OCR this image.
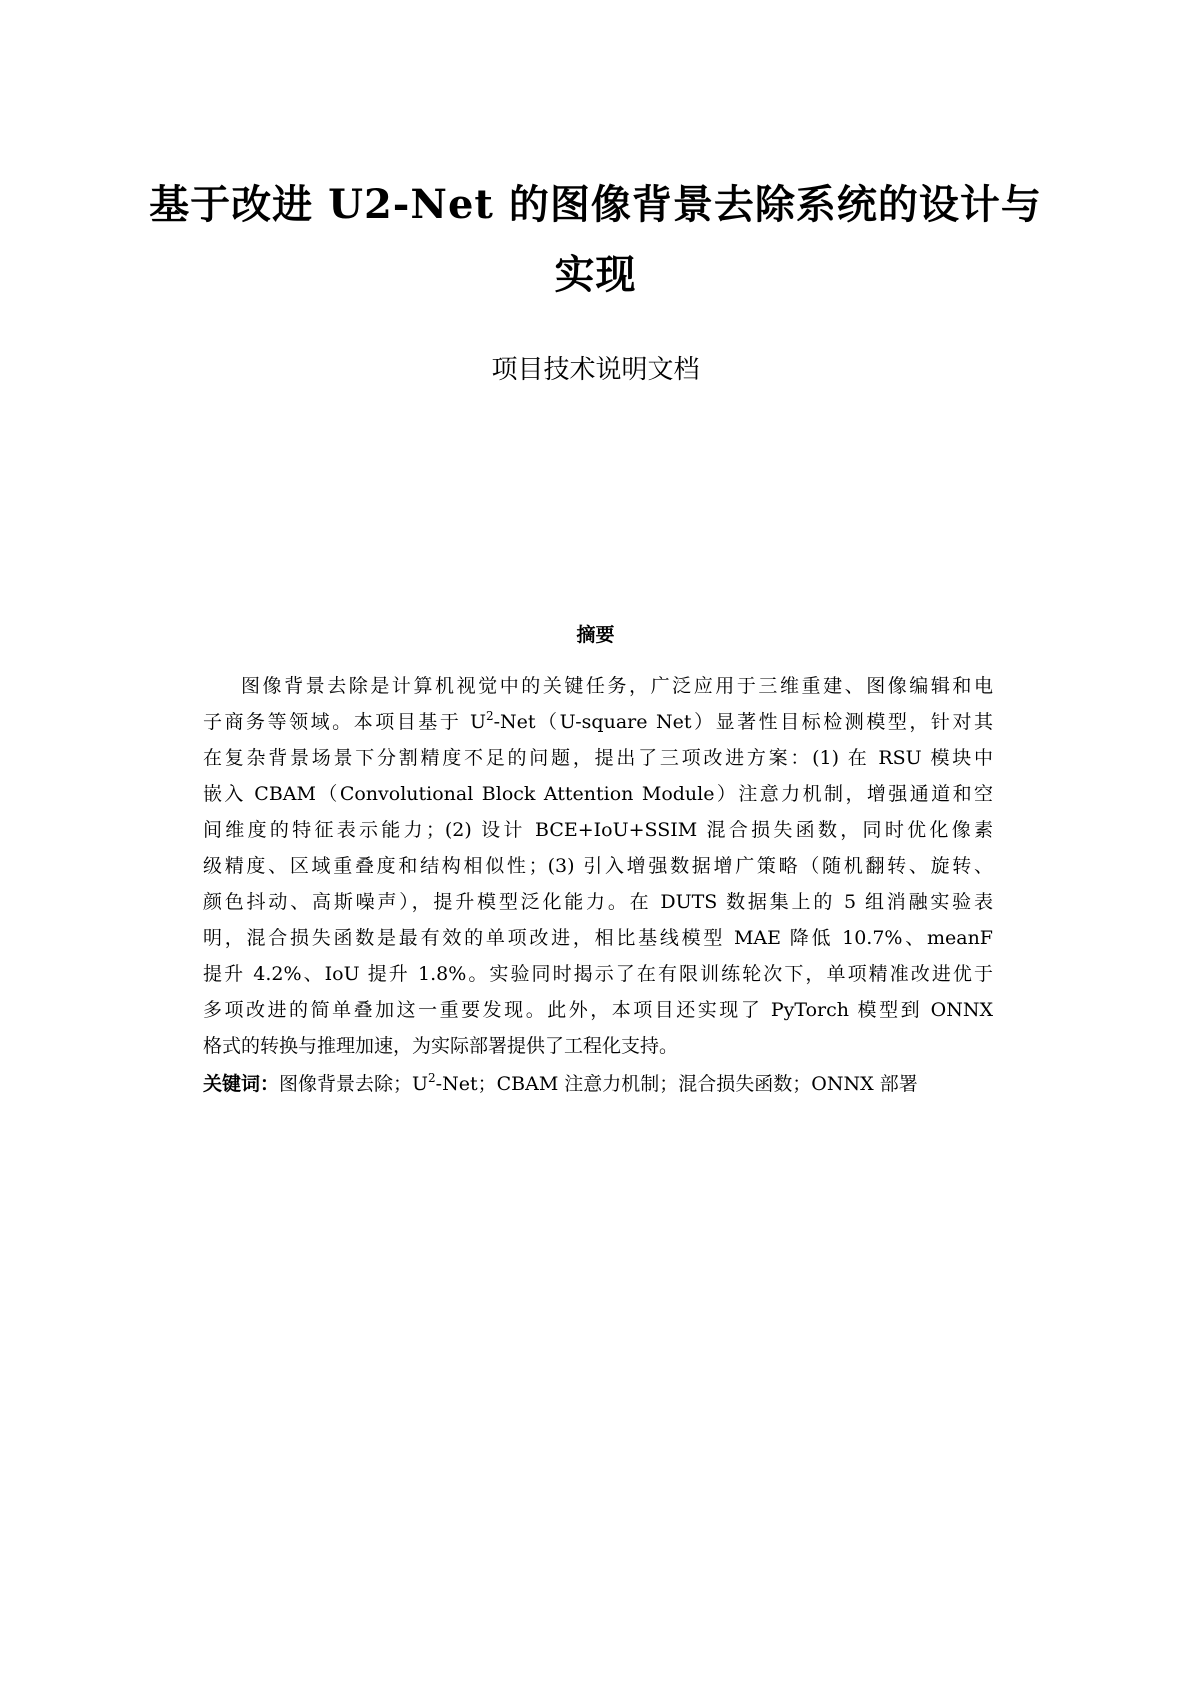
基于改进 U2-Net 的图像背景去除系统的设计与
实现
项目技术说明文档
摘要
图像背景去除是计算机视觉中的关键任务，广泛应用于三维重建、图像编辑和电
子商务等领域。本项目基于 $U^2-Net(U$-square Net）显著性目标检测模型，针对其
在复杂背景场景下分割精度不足的问题，提出了三项改进方案：(1) 在 RSU 模块中
嵌入 CBAM（Convolutional Block Attention Module）注意力机制，增强通道和空
间维度的特征表示能力；(2) 设计 BCE+IoU+SSIM 混合损失函数，同时优化像素
级精度、区域重叠度和结构相似性；(3) 引入增强数据增广策略（随机翻转、旋转、
颜色抖动、高斯噪声），提升模型泛化能力。在 DUTS 数据集上的 5 组消融实验表
明，混合损失函数是最有效的单项改进，相比基线模型 MAE 降低 10.7%、meanF
提升 4.2%、IoU 提升 1.8%。实验同时揭示了在有限训练轮次下，单项精准改进优于
多项改进的简单叠加这一重要发现。此外，本项目还实现了 PyTorch 模型到 ONNX
格式的转换与推理加速，为实际部署提供了工程化支持。
关键词：图像背景去除；$U^2$-Net；CBAM 注意力机制；混合损失函数；ONNX 部署
